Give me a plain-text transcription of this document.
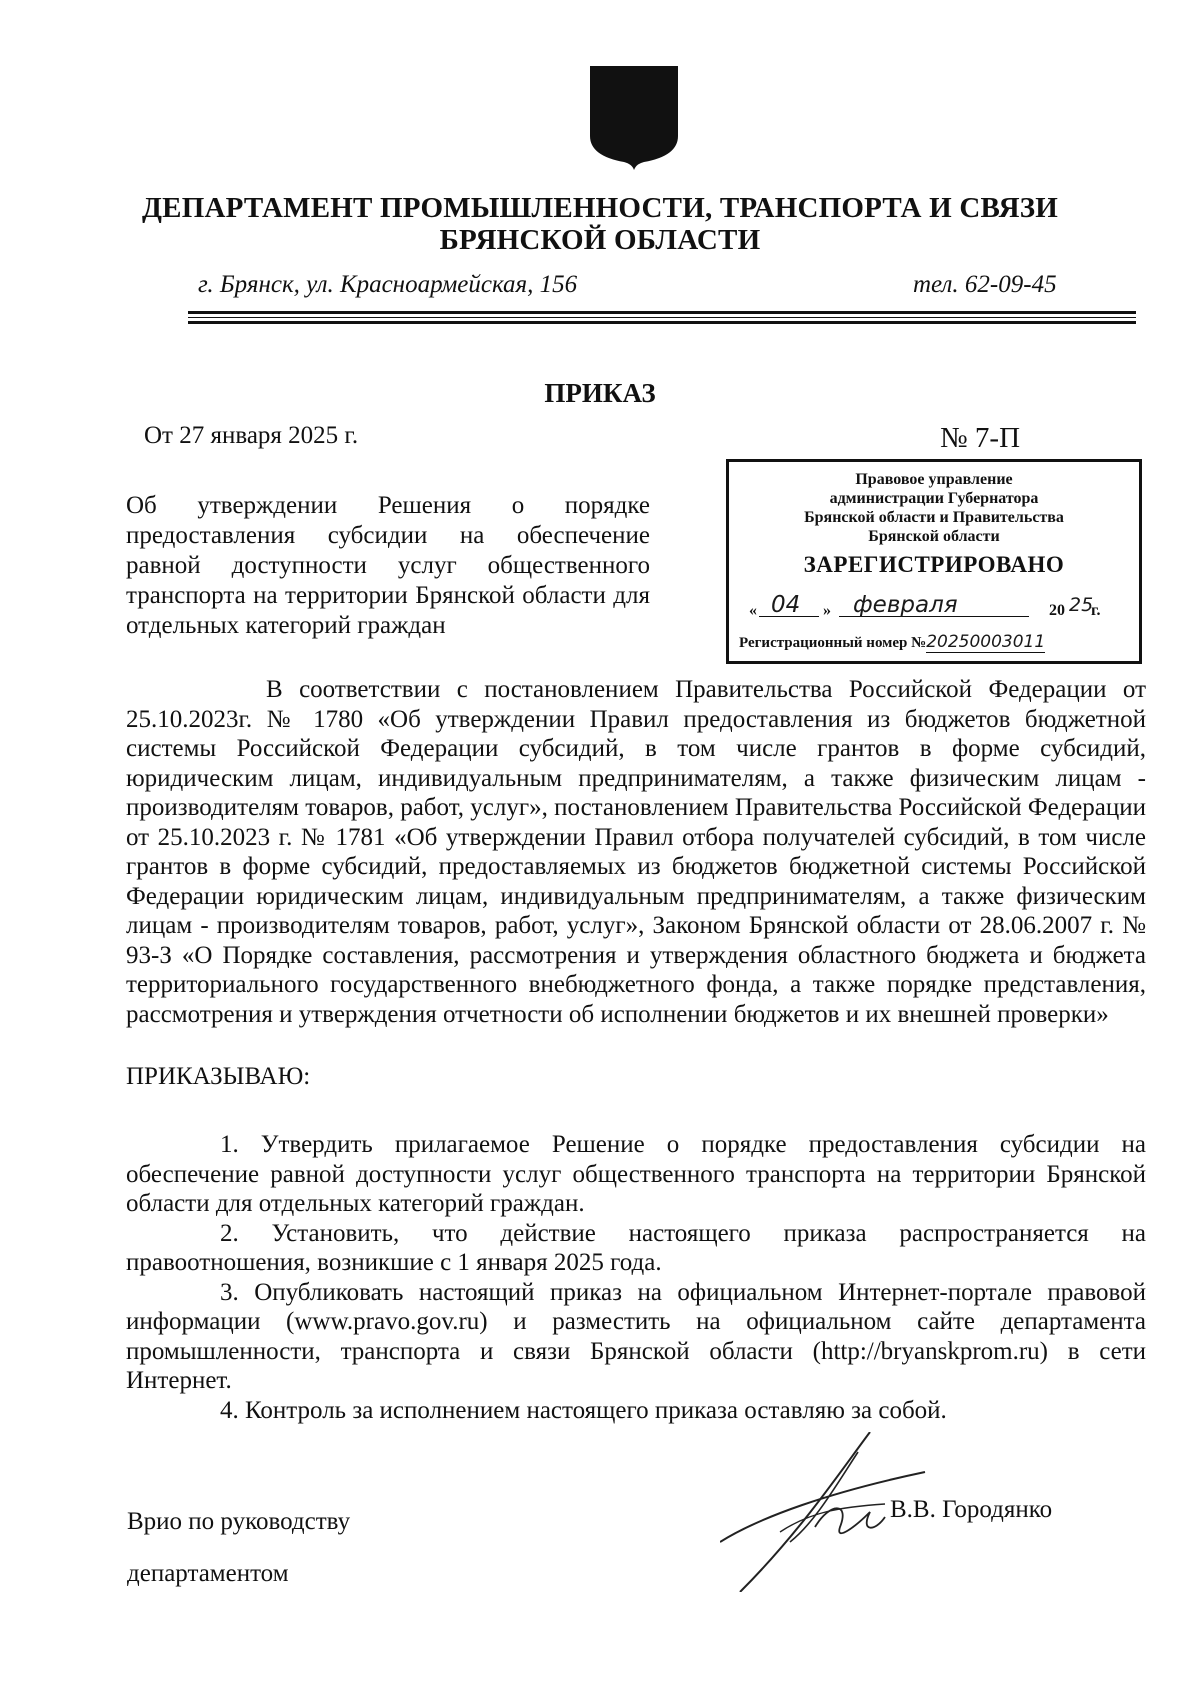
ДЕПАРТАМЕНТ ПРОМЫШЛЕННОСТИ, ТРАНСПОРТА И СВЯЗИ
БРЯНСКОЙ ОБЛАСТИ
г. Брянск, ул. Красноармейская, 156	тел. 62-09-45
ПРИКАЗ
От 27 января 2025 г.	№ 7-П

Об утверждении Решения о порядке предоставления субсидии на обеспечение равной доступности услуг общественного транспорта на территории Брянской области для отдельных категорий граждан

Правовое управление
администрации Губернатора
Брянской области и Правительства
Брянской области
ЗАРЕГИСТРИРОВАНО
« 04 » февраля	20 25
г.
Регистрационный номер №20250003011

В соответствии с постановлением Правительства Российской Федерации от 25.10.2023г. № 1780 «Об утверждении Правил предоставления из бюджетов бюджетной системы Российской Федерации субсидий, в том числе грантов в форме субсидий, юридическим лицам, индивидуальным предпринимателям, а также физическим лицам - производителям товаров, работ, услуг», постановлением Правительства Российской Федерации от 25.10.2023 г. № 1781 «Об утверждении Правил отбора получателей субсидий, в том числе грантов в форме субсидий, предоставляемых из бюджетов бюджетной системы Российской Федерации юридическим лицам, индивидуальным предпринимателям, а также физическим лицам - производителям товаров, работ, услуг», Законом Брянской области от 28.06.2007 г. № 93-З «О Порядке составления, рассмотрения и утверждения областного бюджета и бюджета территориального государственного внебюджетного фонда, а также порядке представления, рассмотрения и утверждения отчетности об исполнении бюджетов и их внешней проверки»

ПРИКАЗЫВАЮ:

1. Утвердить прилагаемое Решение о порядке предоставления субсидии на обеспечение равной доступности услуг общественного транспорта на территории Брянской области для отдельных категорий граждан.

2. Установить, что действие настоящего приказа распространяется на правоотношения, возникшие с 1 января 2025 года.

3. Опубликовать настоящий приказ на официальном Интернет-портале правовой информации (www.pravo.gov.ru) и разместить на официальном сайте департамента промышленности, транспорта и связи Брянской области (http://bryanskprom.ru) в сети Интернет.

4. Контроль за исполнением настоящего приказа оставляю за собой.

Врио по руководству
департаментом
В.В. Городянко
